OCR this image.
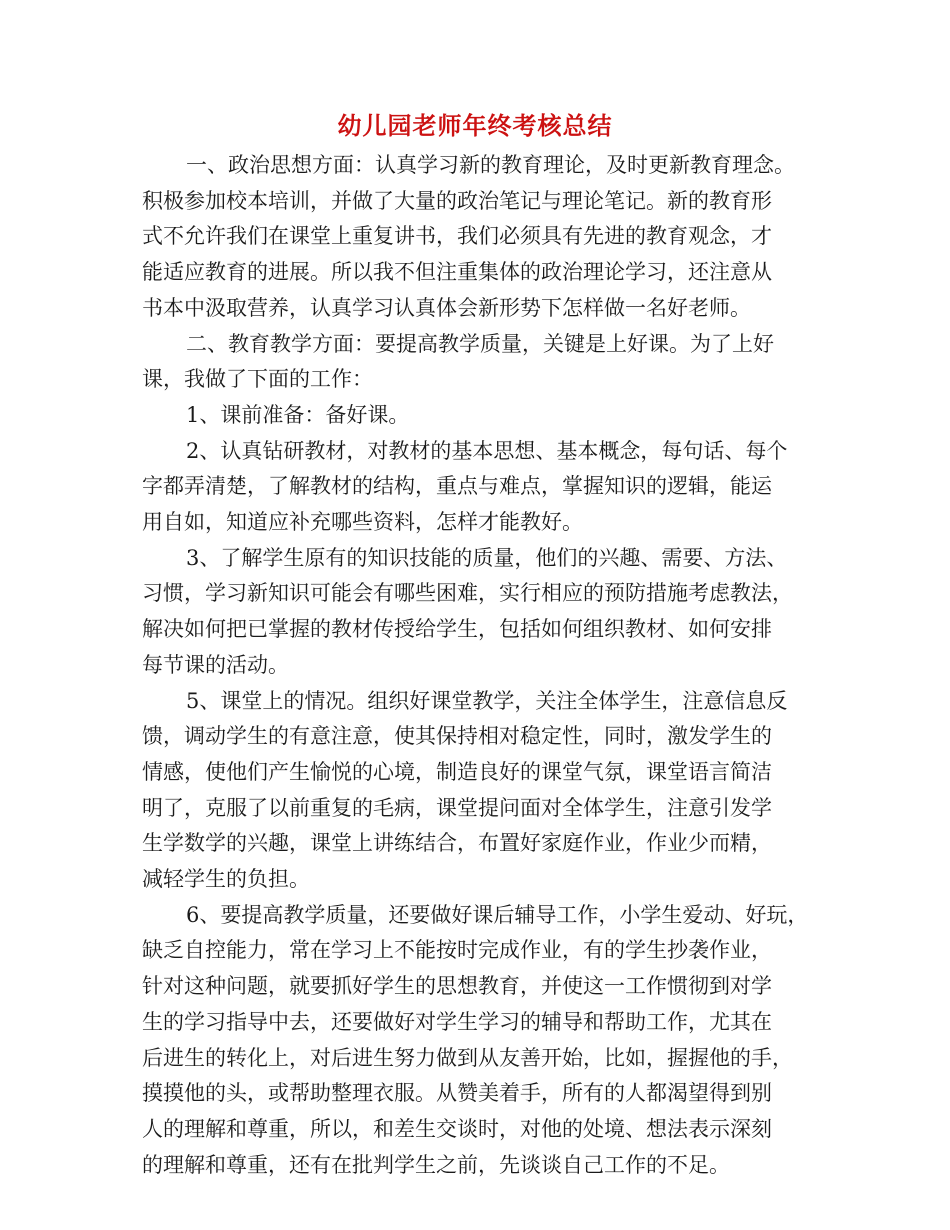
幼儿园老师年终考核总结
一、政治思想方面：认真学习新的教育理论，及时更新教育理念。
积极参加校本培训，并做了大量的政治笔记与理论笔记。新的教育形
式不允许我们在课堂上重复讲书，我们必须具有先进的教育观念，才
能适应教育的进展。所以我不但注重集体的政治理论学习，还注意从
书本中汲取营养，认真学习认真体会新形势下怎样做一名好老师。
二、教育教学方面：要提高教学质量，关键是上好课。为了上好
课，我做了下面的工作：
1、课前准备：备好课。
2、认真钻研教材，对教材的基本思想、基本概念，每句话、每个
字都弄清楚，了解教材的结构，重点与难点，掌握知识的逻辑，能运
用自如，知道应补充哪些资料，怎样才能教好。
3、了解学生原有的知识技能的质量，他们的兴趣、需要、方法、
习惯，学习新知识可能会有哪些困难，实行相应的预防措施考虑教法，
解决如何把已掌握的教材传授给学生，包括如何组织教材、如何安排
每节课的活动。
5、课堂上的情况。组织好课堂教学，关注全体学生，注意信息反
馈，调动学生的有意注意，使其保持相对稳定性，同时，激发学生的
情感，使他们产生愉悦的心境，制造良好的课堂气氛，课堂语言简洁
明了，克服了以前重复的毛病，课堂提问面对全体学生，注意引发学
生学数学的兴趣，课堂上讲练结合，布置好家庭作业，作业少而精，
减轻学生的负担。
6、要提高教学质量，还要做好课后辅导工作，小学生爱动、好玩，
缺乏自控能力，常在学习上不能按时完成作业，有的学生抄袭作业，
针对这种问题，就要抓好学生的思想教育，并使这一工作惯彻到对学
生的学习指导中去，还要做好对学生学习的辅导和帮助工作，尤其在
后进生的转化上，对后进生努力做到从友善开始，比如，握握他的手，
摸摸他的头，或帮助整理衣服。从赞美着手，所有的人都渴望得到别
人的理解和尊重，所以，和差生交谈时，对他的处境、想法表示深刻
的理解和尊重，还有在批判学生之前，先谈谈自己工作的不足。
